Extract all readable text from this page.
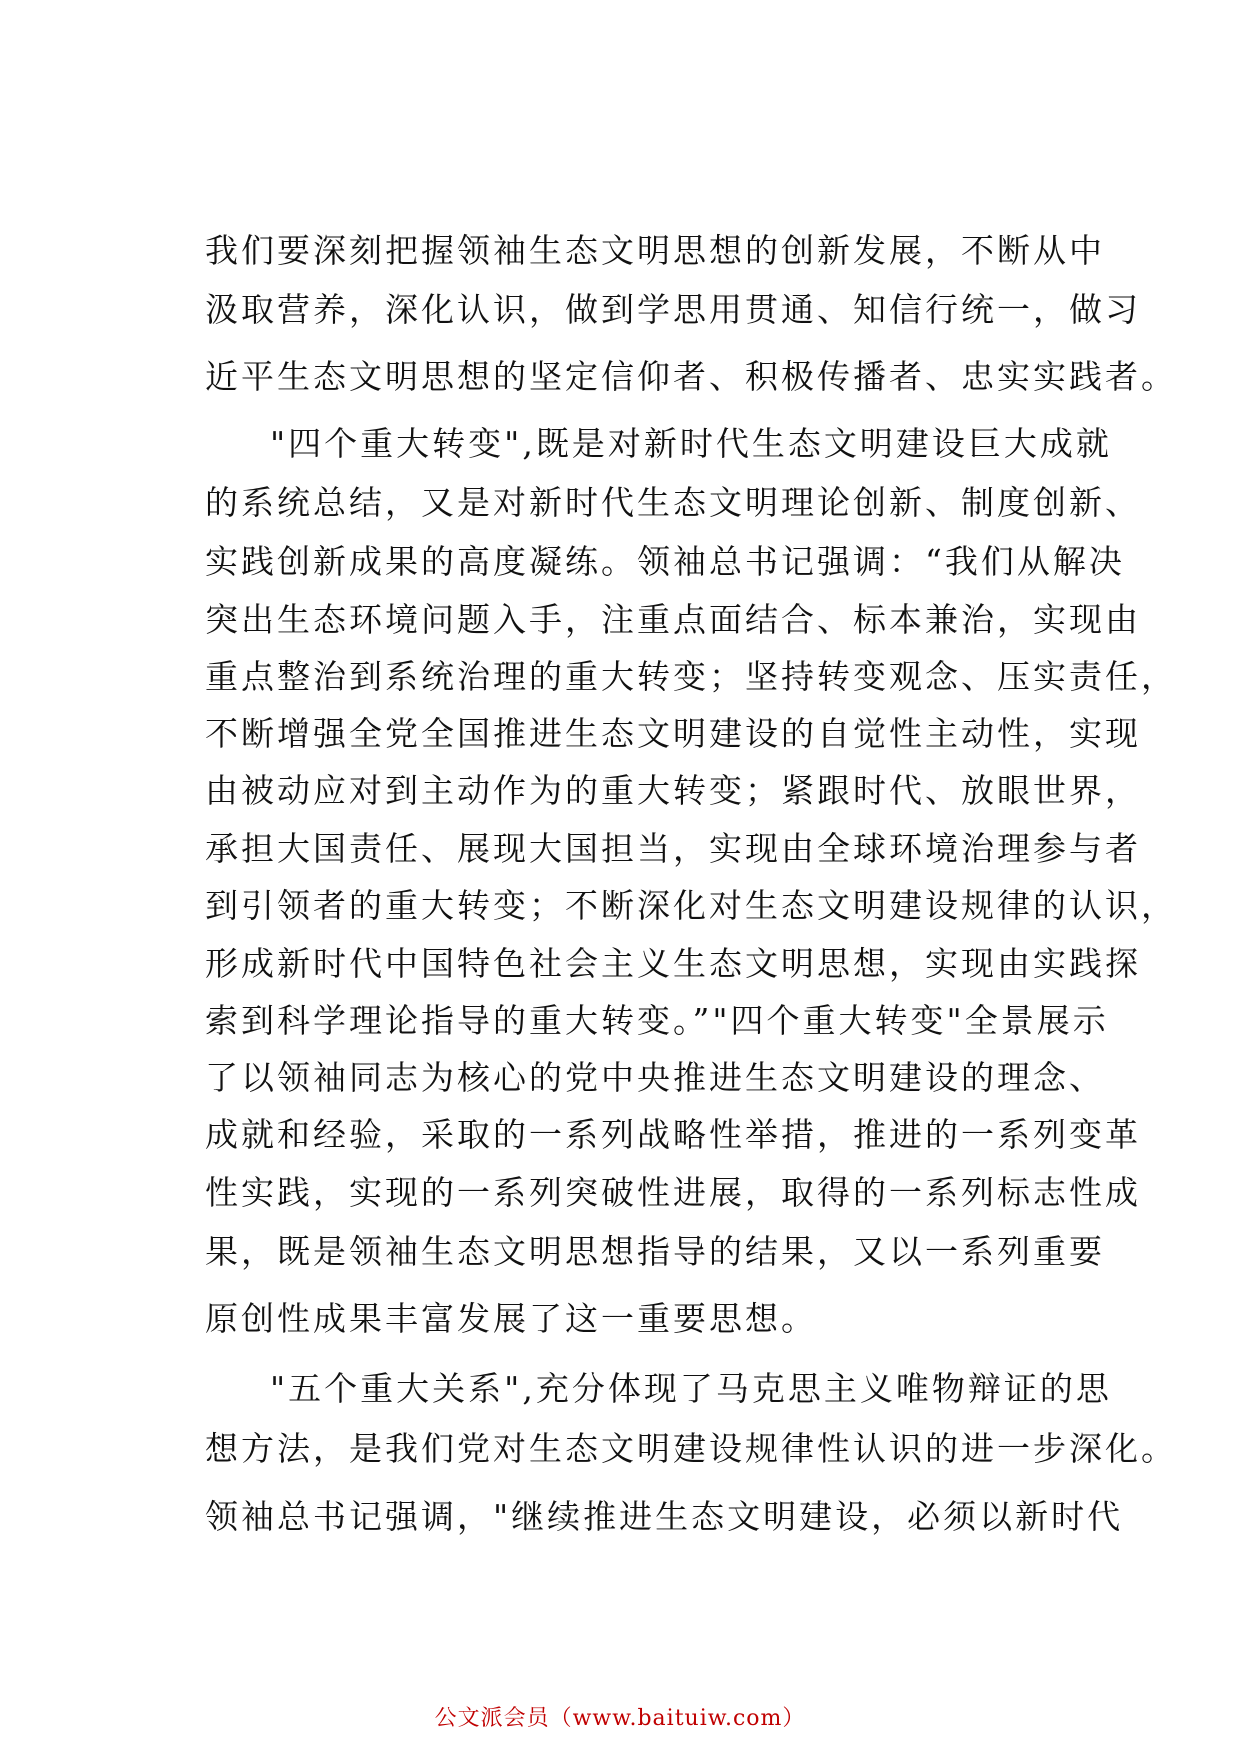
我们要深刻把握领袖生态文明思想的创新发展，不断从中
汲取营养，深化认识，做到学思用贯通、知信行统一，做习
近平生态文明思想的坚定信仰者、积极传播者、忠实实践者。
"四个重大转变",既是对新时代生态文明建设巨大成就
的系统总结，又是对新时代生态文明理论创新、制度创新、
实践创新成果的高度凝练。领袖总书记强调：“我们从解决
突出生态环境问题入手，注重点面结合、标本兼治，实现由
重点整治到系统治理的重大转变；坚持转变观念、压实责任，
不断增强全党全国推进生态文明建设的自觉性主动性，实现
由被动应对到主动作为的重大转变；紧跟时代、放眼世界，
承担大国责任、展现大国担当，实现由全球环境治理参与者
到引领者的重大转变；不断深化对生态文明建设规律的认识，
形成新时代中国特色社会主义生态文明思想，实现由实践探
索到科学理论指导的重大转变。”"四个重大转变"全景展示
了以领袖同志为核心的党中央推进生态文明建设的理念、
成就和经验，采取的一系列战略性举措，推进的一系列变革
性实践，实现的一系列突破性进展，取得的一系列标志性成
果，既是领袖生态文明思想指导的结果，又以一系列重要
原创性成果丰富发展了这一重要思想。
"五个重大关系",充分体现了马克思主义唯物辩证的思
想方法，是我们党对生态文明建设规律性认识的进一步深化。
领袖总书记强调，"继续推进生态文明建设，必须以新时代
公文派会员（www.baituiw.com）
